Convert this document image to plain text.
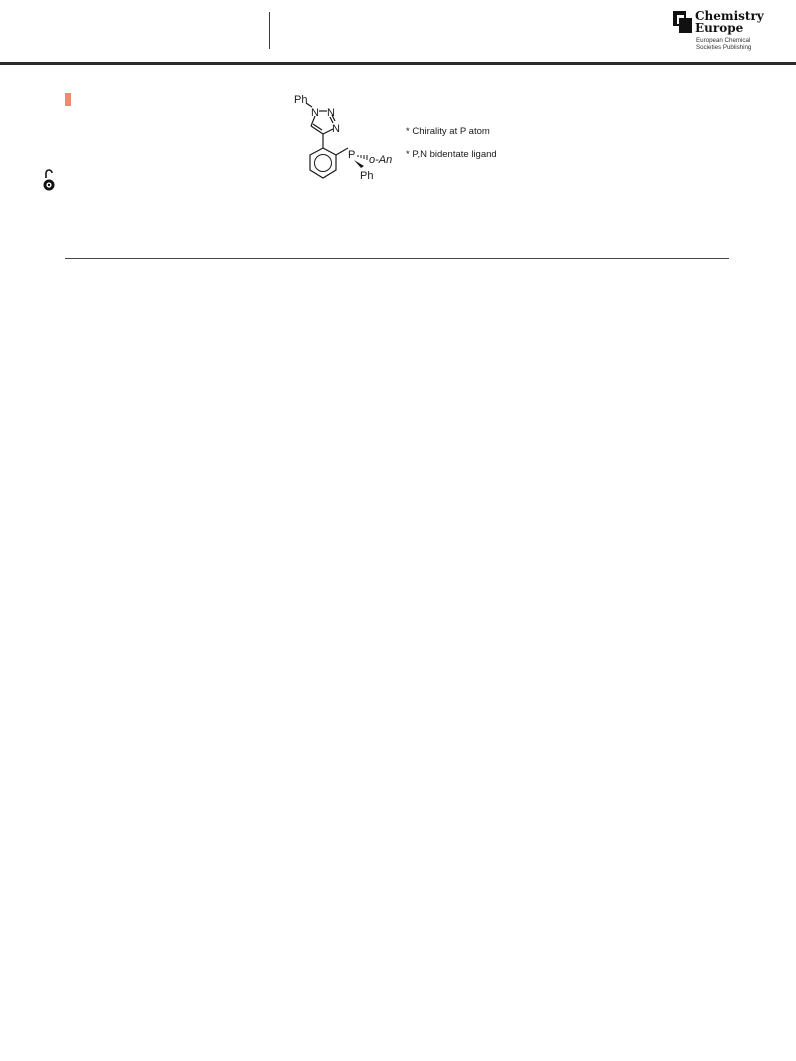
Chemistry
Europe
European Chemical
Societies Publishing
Ph
N N
N
P o-An
Ph
* Chirality at P atom
* P,N bidentate ligand
